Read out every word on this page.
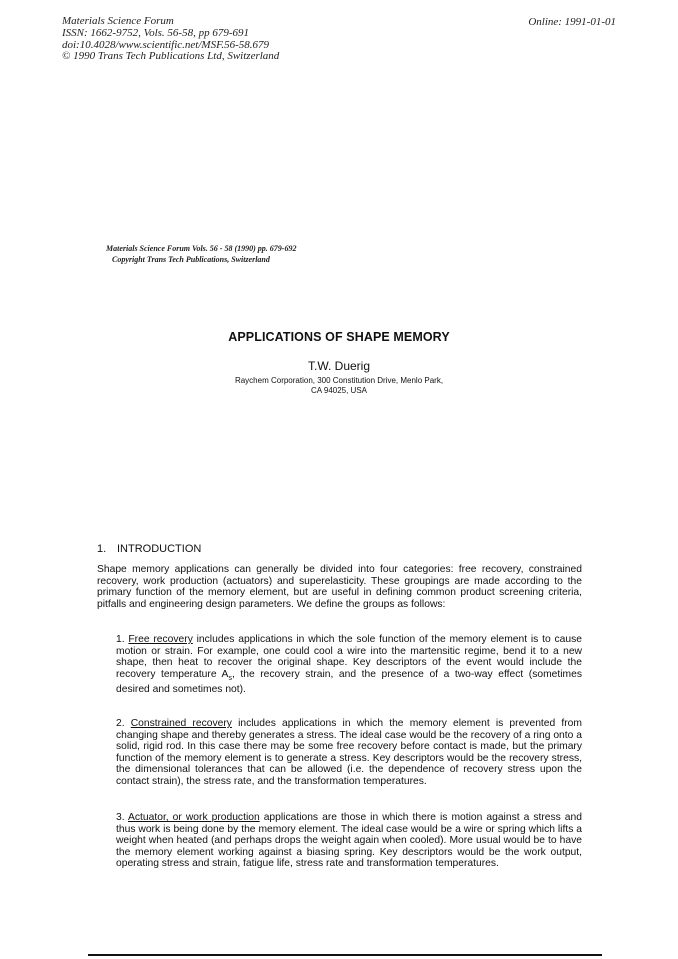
Materials Science Forum
ISSN: 1662-9752, Vols. 56-58, pp 679-691
doi:10.4028/www.scientific.net/MSF.56-58.679
© 1990 Trans Tech Publications Ltd, Switzerland
Online: 1991-01-01
Materials Science Forum Vols. 56 - 58 (1990) pp. 679-692
Copyright Trans Tech Publications, Switzerland
APPLICATIONS OF SHAPE MEMORY
T.W. Duerig
Raychem Corporation, 300 Constitution Drive, Menlo Park,
CA 94025, USA
1. INTRODUCTION
Shape memory applications can generally be divided into four categories: free recovery, constrained recovery, work production (actuators) and superelasticity. These groupings are made according to the primary function of the memory element, but are useful in defining common product screening criteria, pitfalls and engineering design parameters. We define the groups as follows:
1. Free recovery includes applications in which the sole function of the memory element is to cause motion or strain. For example, one could cool a wire into the martensitic regime, bend it to a new shape, then heat to recover the original shape. Key descriptors of the event would include the recovery temperature $A_s$, the recovery strain, and the presence of a two-way effect (sometimes desired and sometimes not).
2. Constrained recovery includes applications in which the memory element is prevented from changing shape and thereby generates a stress. The ideal case would be the recovery of a ring onto a solid, rigid rod. In this case there may be some free recovery before contact is made, but the primary function of the memory element is to generate a stress. Key descriptors would be the recovery stress, the dimensional tolerances that can be allowed (i.e. the dependence of recovery stress upon the contact strain), the stress rate, and the transformation temperatures.
3. Actuator, or work production applications are those in which there is motion against a stress and thus work is being done by the memory element. The ideal case would be a wire or spring which lifts a weight when heated (and perhaps drops the weight again when cooled). More usual would be to have the memory element working against a biasing spring. Key descriptors would be the work output, operating stress and strain, fatigue life, stress rate and transformation temperatures.
